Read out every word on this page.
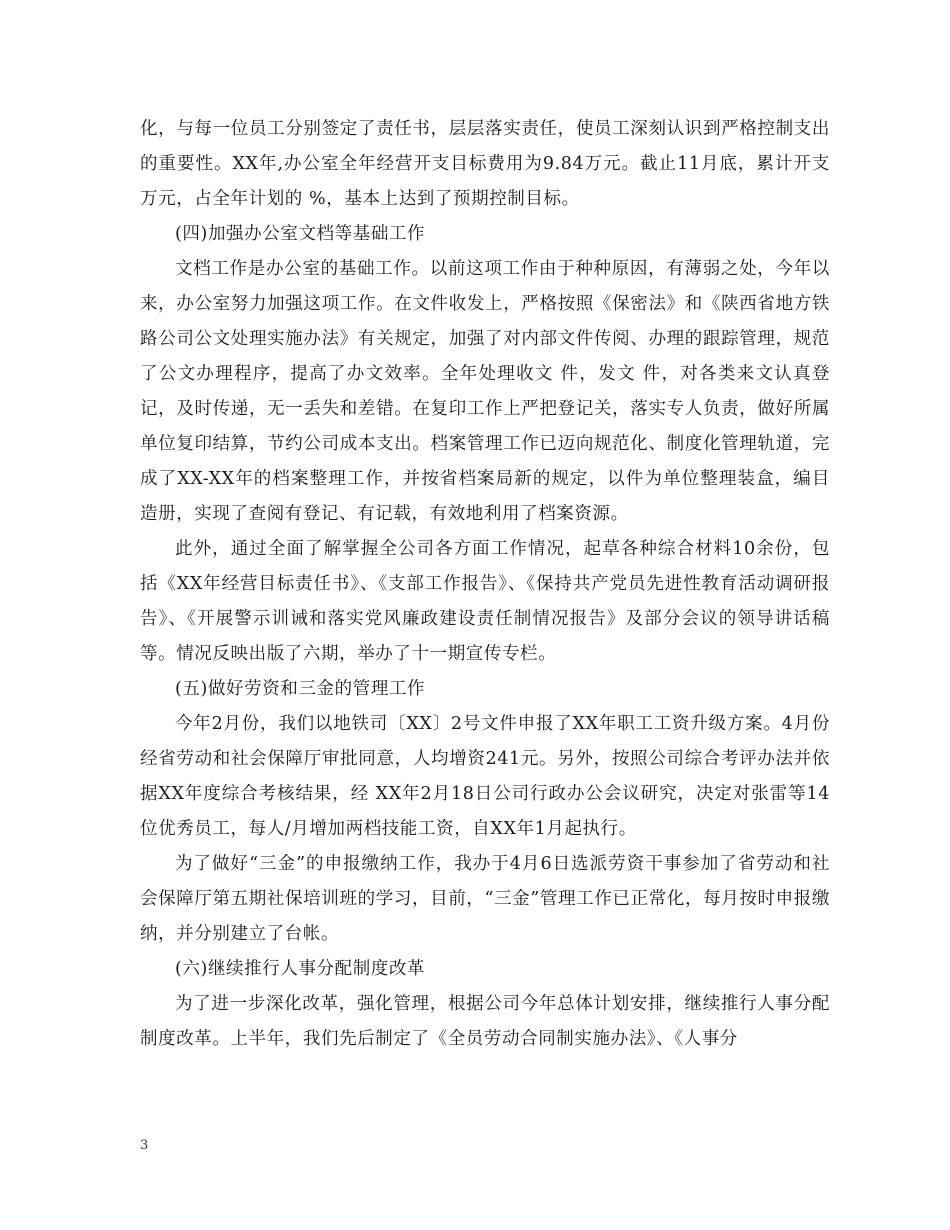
化，与每一位员工分别签定了责任书，层层落实责任，使员工深刻认识到严格控制支出的重要性。XX年,办公室全年经营开支目标费用为9.84万元。截止11月底，累计开支 万元，占全年计划的 %，基本上达到了预期控制目标。

(四)加强办公室文档等基础工作

文档工作是办公室的基础工作。以前这项工作由于种种原因，有薄弱之处，今年以来，办公室努力加强这项工作。在文件收发上，严格按照《保密法》和《陕西省地方铁路公司公文处理实施办法》有关规定，加强了对内部文件传阅、办理的跟踪管理，规范了公文办理程序，提高了办文效率。全年处理收文 件，发文 件，对各类来文认真登记，及时传递，无一丢失和差错。在复印工作上严把登记关，落实专人负责，做好所属单位复印结算，节约公司成本支出。档案管理工作已迈向规范化、制度化管理轨道，完成了XX-XX年的档案整理工作，并按省档案局新的规定，以件为单位整理装盒，编目造册，实现了查阅有登记、有记载，有效地利用了档案资源。

此外，通过全面了解掌握全公司各方面工作情况，起草各种综合材料10余份，包括《XX年经营目标责任书》、《支部工作报告》、《保持共产党员先进性教育活动调研报告》、《开展警示训诫和落实党风廉政建设责任制情况报告》及部分会议的领导讲话稿等。情况反映出版了六期，举办了十一期宣传专栏。

(五)做好劳资和三金的管理工作

今年2月份，我们以地铁司〔XX〕2号文件申报了XX年职工工资升级方案。4月份经省劳动和社会保障厅审批同意，人均增资241元。另外，按照公司综合考评办法并依据XX年度综合考核结果，经 XX年2月18日公司行政办公会议研究，决定对张雷等14位优秀员工，每人/月增加两档技能工资，自XX年1月起执行。

为了做好“三金”的申报缴纳工作，我办于4月6日选派劳资干事参加了省劳动和社会保障厅第五期社保培训班的学习，目前，“三金”管理工作已正常化，每月按时申报缴纳，并分别建立了台帐。

(六)继续推行人事分配制度改革

为了进一步深化改革，强化管理，根据公司今年总体计划安排，继续推行人事分配制度改革。上半年，我们先后制定了《全员劳动合同制实施办法》、《人事分

3
